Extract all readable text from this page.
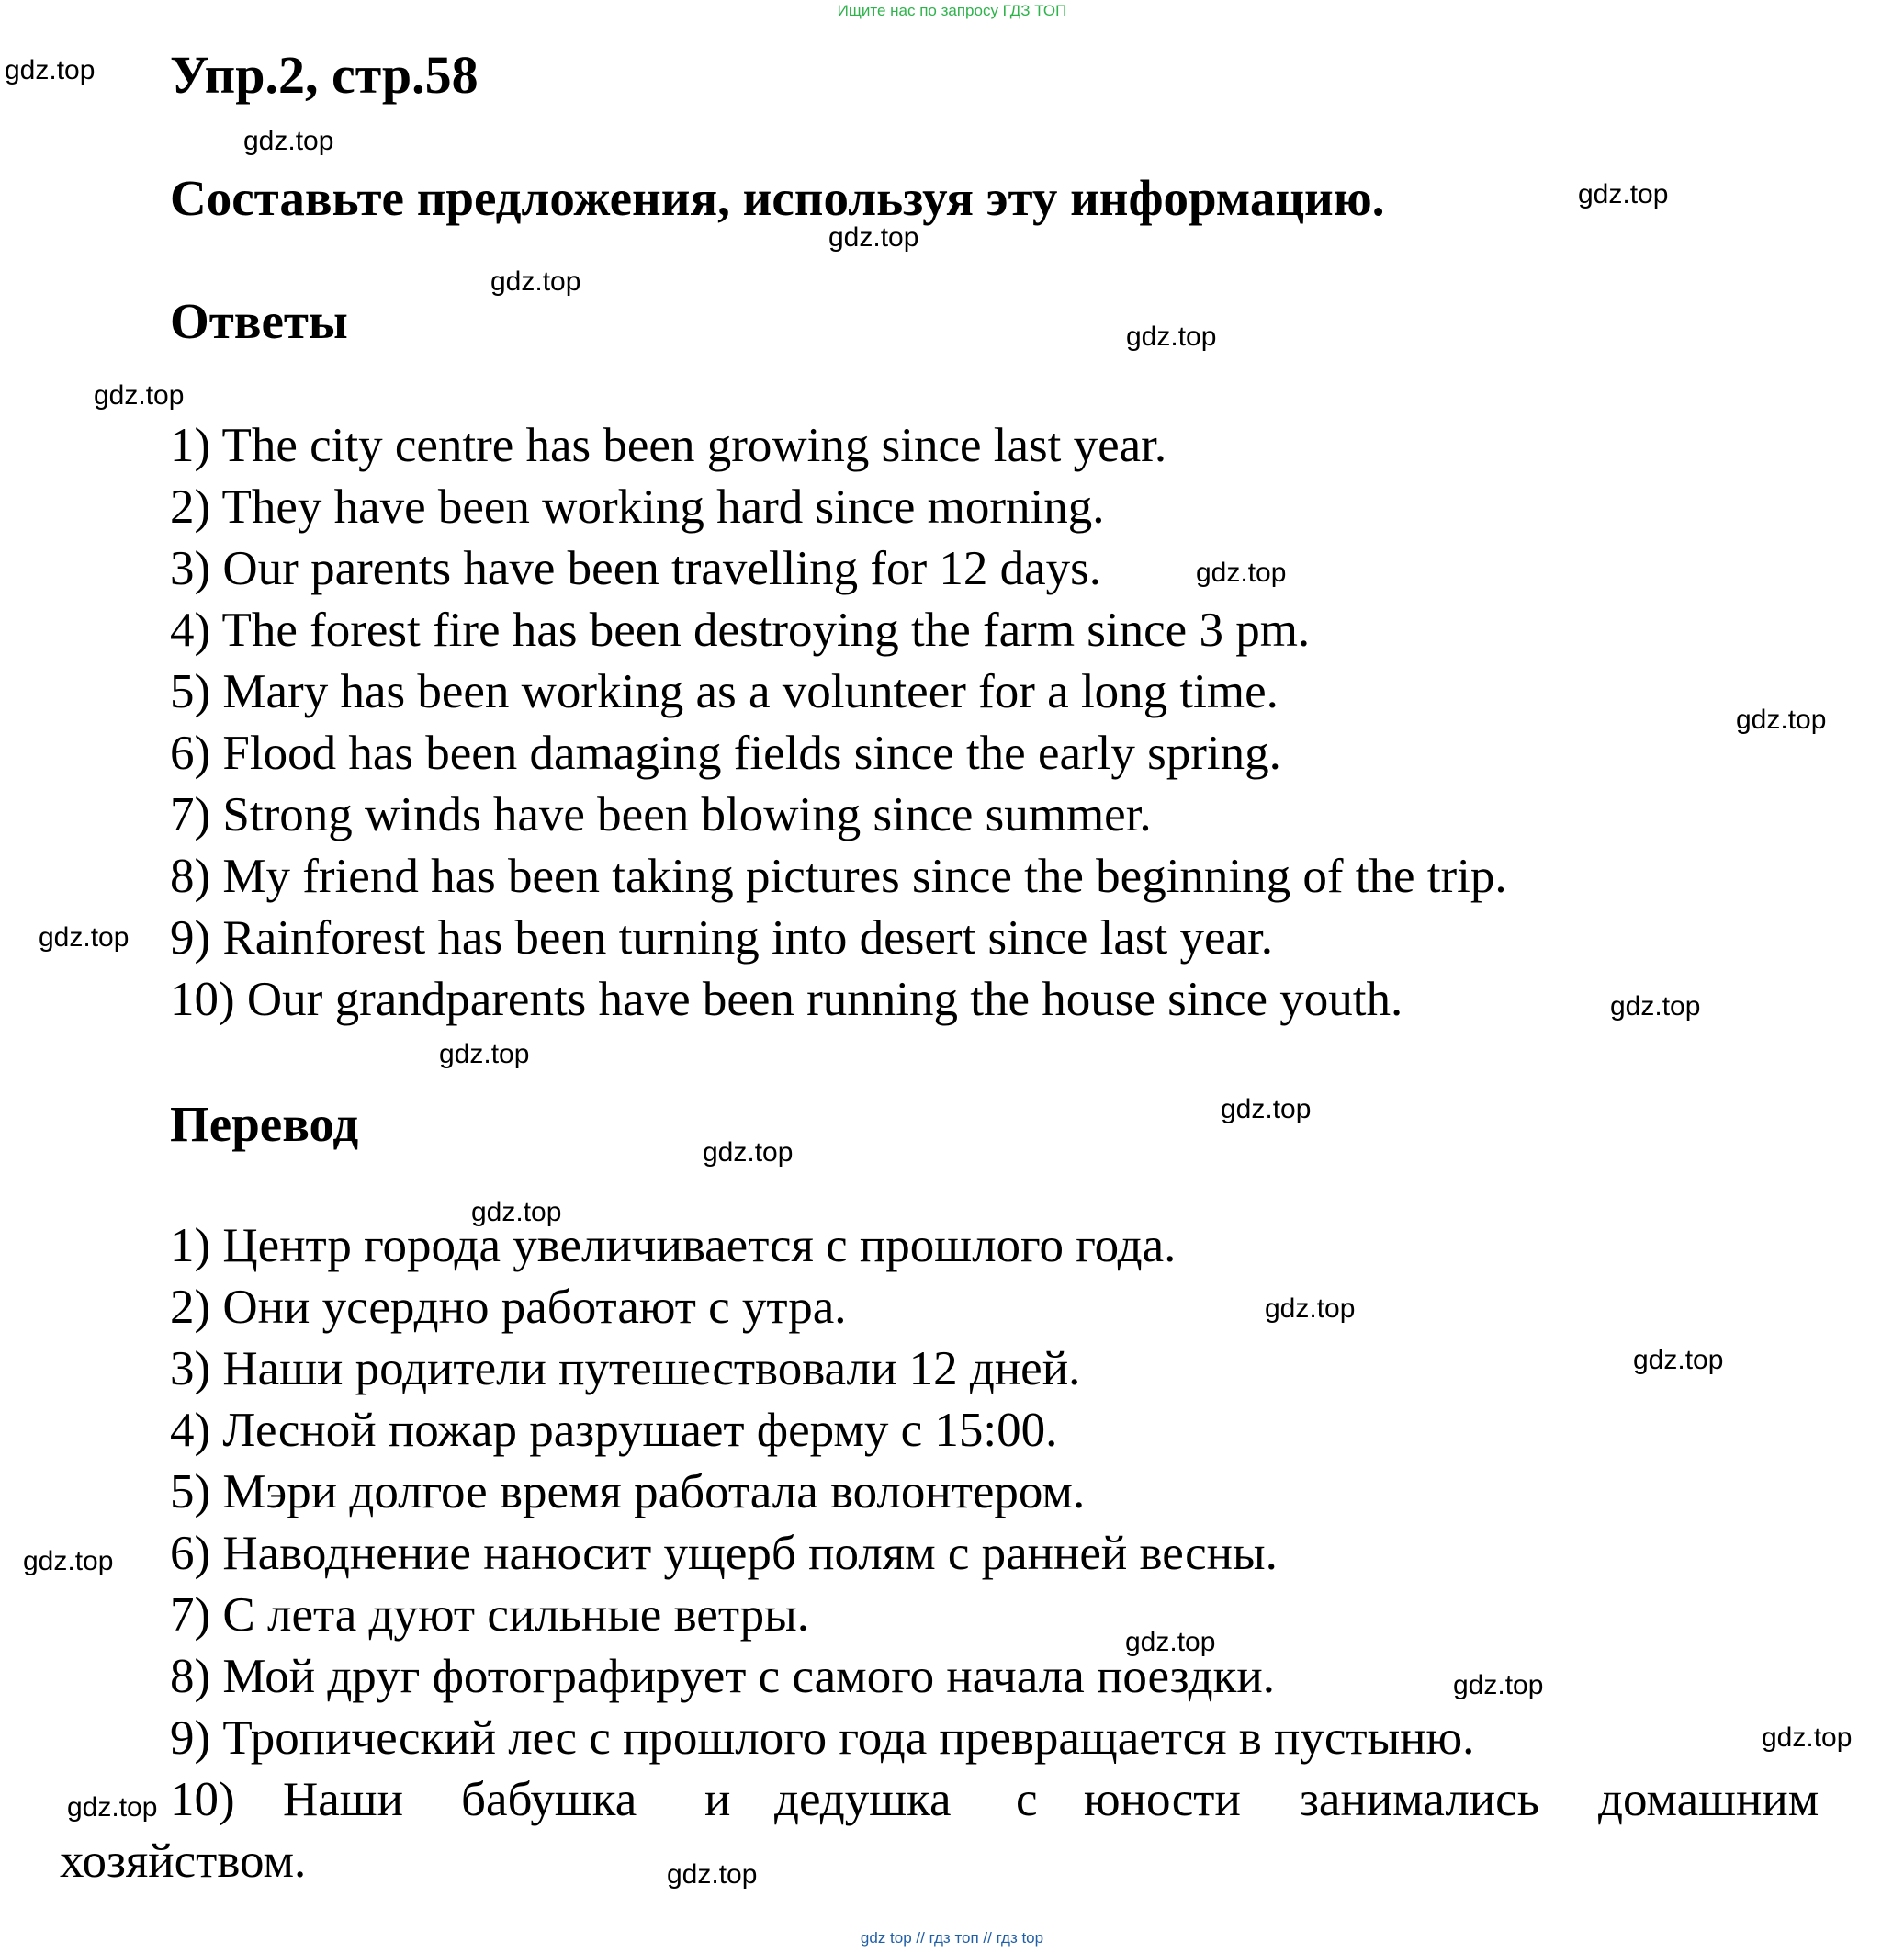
Ищите нас по запросу ГДЗ ТОП
Упр.2, стр.58
Составьте предложения, используя эту информацию.
Ответы
1) The city centre has been growing since last year.
2) They have been working hard since morning.
3) Our parents have been travelling for 12 days.
4) The forest fire has been destroying the farm since 3 pm.
5) Mary has been working as a volunteer for a long time.
6) Flood has been damaging fields since the early spring.
7) Strong winds have been blowing since summer.
8) My friend has been taking pictures since the beginning of the trip.
9) Rainforest has been turning into desert since last year.
10) Our grandparents have been running the house since youth.
Перевод
1) Центр города увеличивается с прошлого года.
2) Они усердно работают с утра.
3) Наши родители путешествовали 12 дней.
4) Лесной пожар разрушает ферму с 15:00.
5) Мэри долгое время работала волонтером.
6) Наводнение наносит ущерб полям с ранней весны.
7) С лета дуют сильные ветры.
8) Мой друг фотографирует с самого начала поездки.
9) Тропический лес с прошлого года превращается в пустыню.
10) Наши бабушка и дедушка с юности занимались домашним
хозяйством.
gdz.top
gdz.top
gdz.top
gdz.top
gdz.top
gdz.top
gdz.top
gdz.top
gdz.top
gdz.top
gdz.top
gdz.top
gdz.top
gdz.top
gdz.top
gdz.top
gdz.top
gdz.top
gdz.top
gdz.top
gdz.top
gdz.top
gdz.top
gdz top // гдз топ // гдз top
